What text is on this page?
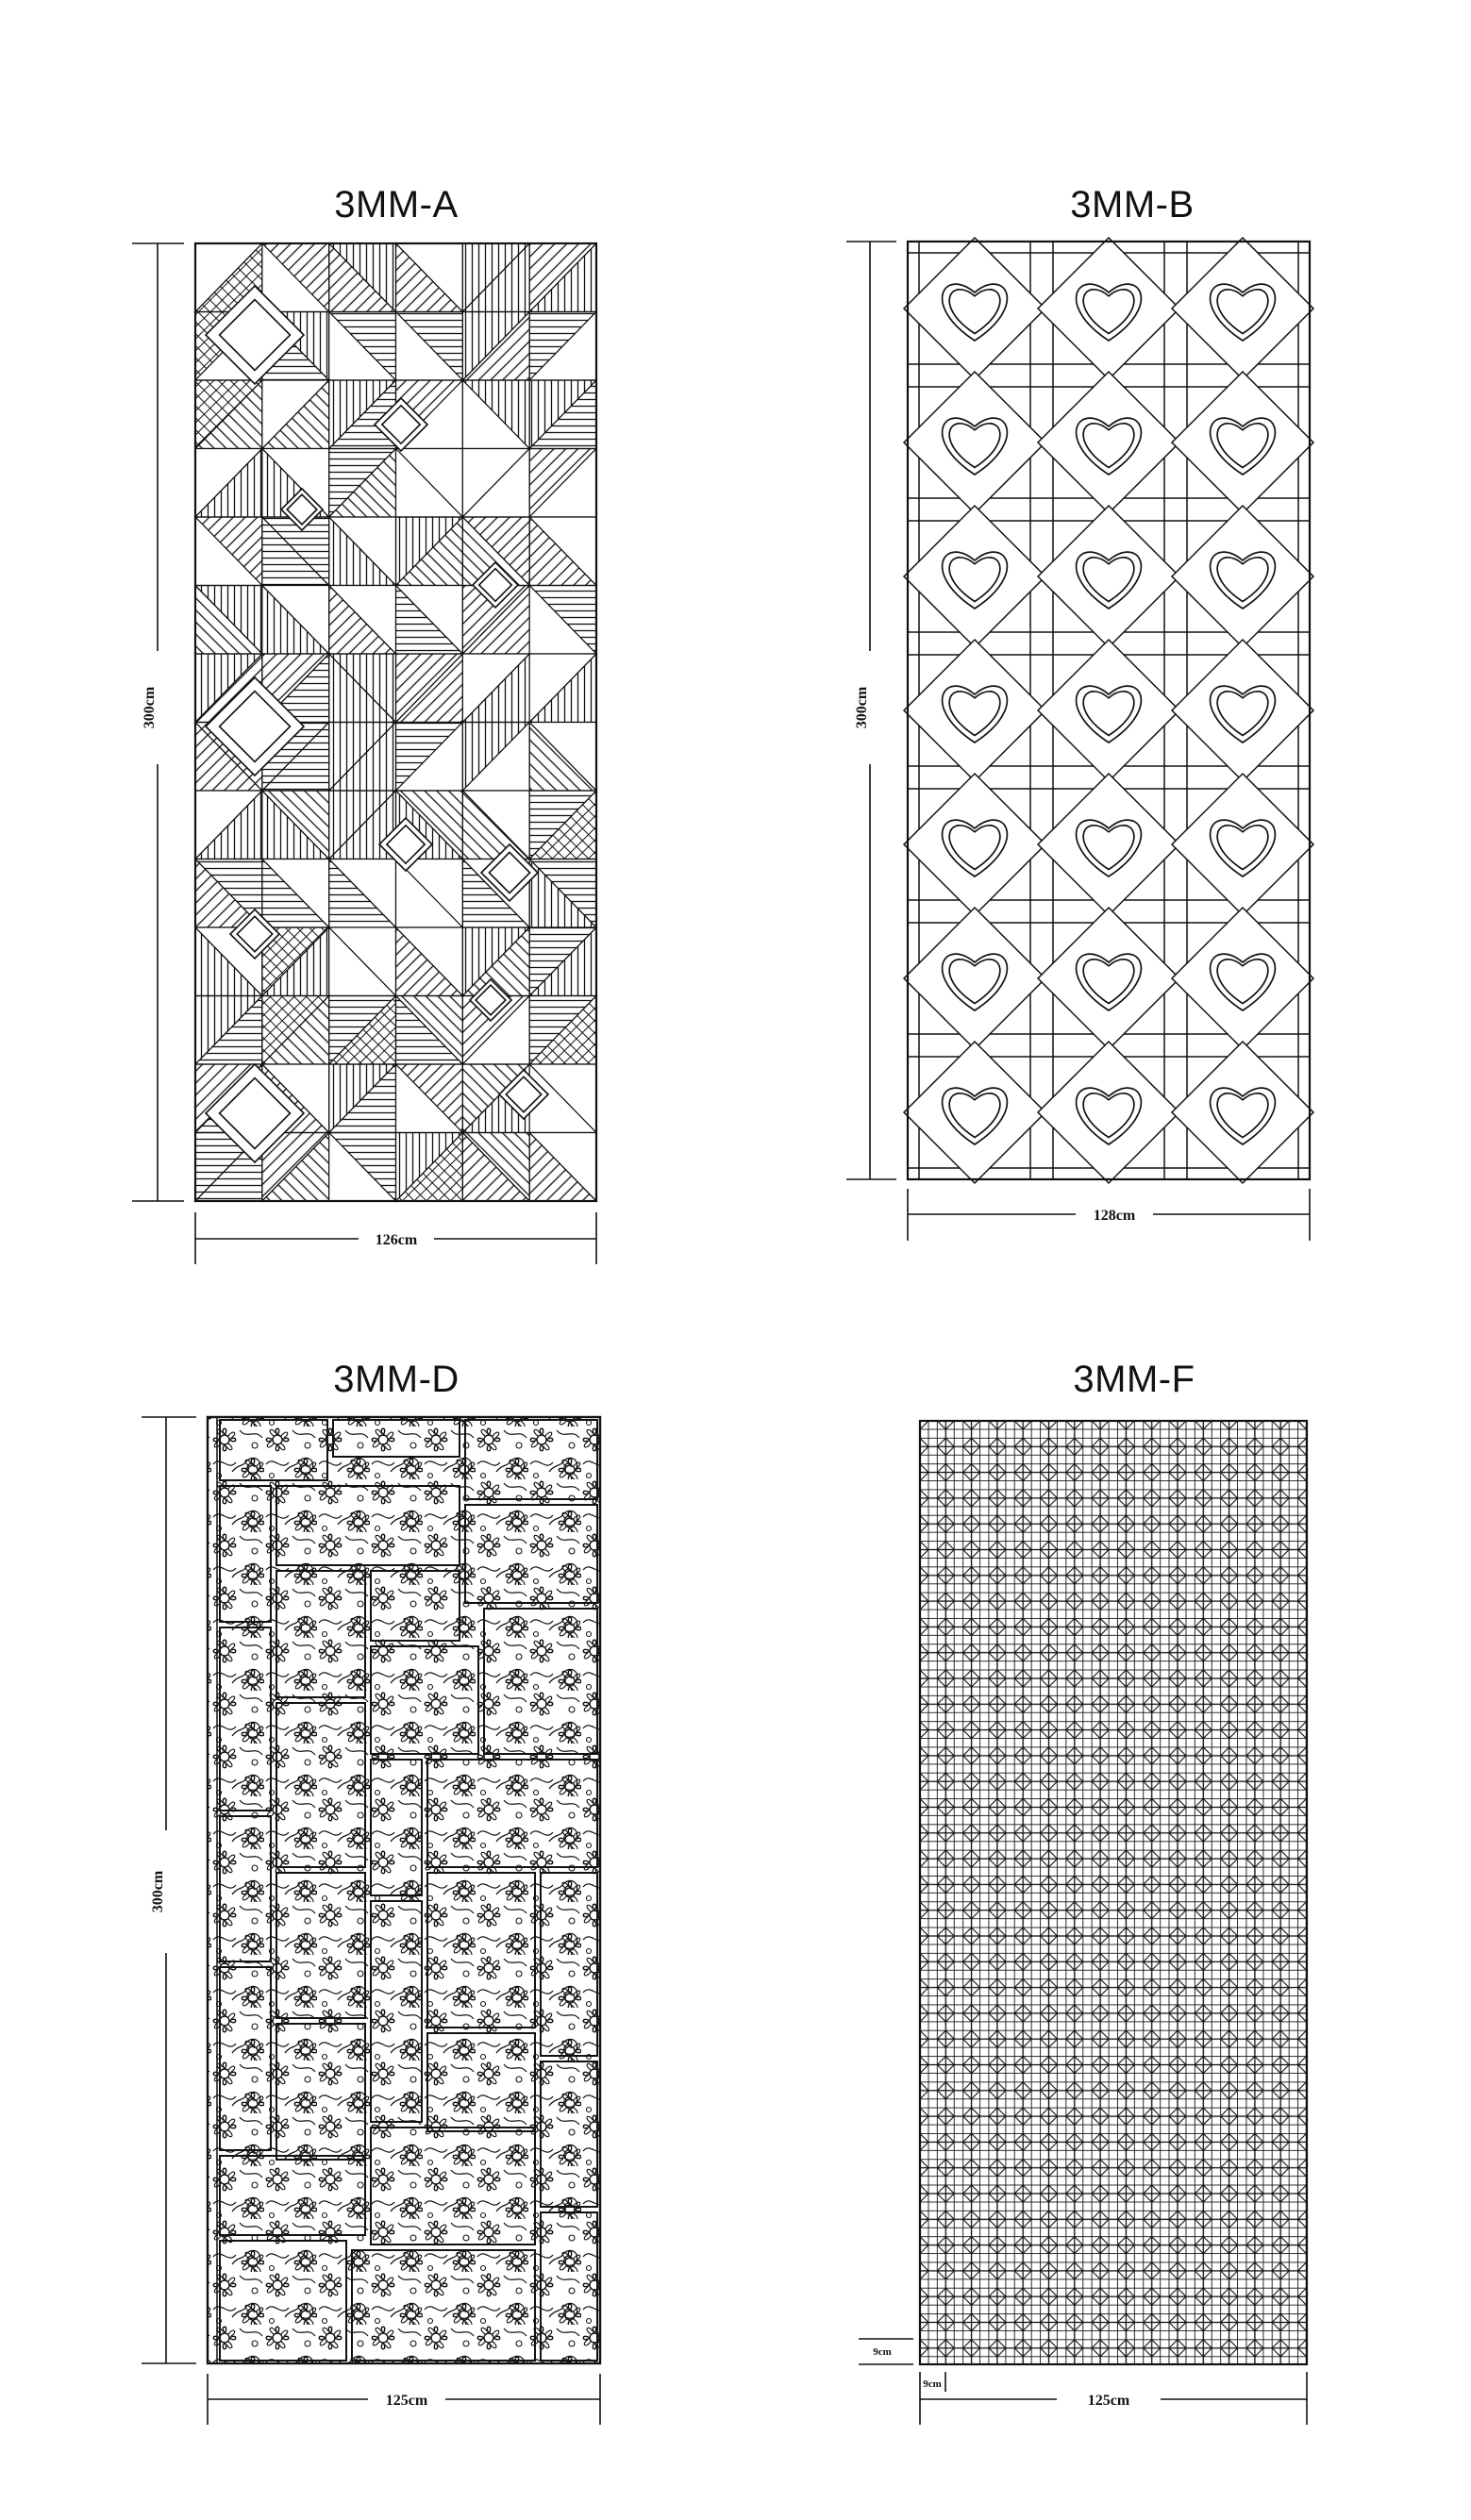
3MM-A	3MM-B
3MM-D	3MM-F
300cm
126cm
300cm
128cm
300cm
125cm
9cm
9cm
125cm
